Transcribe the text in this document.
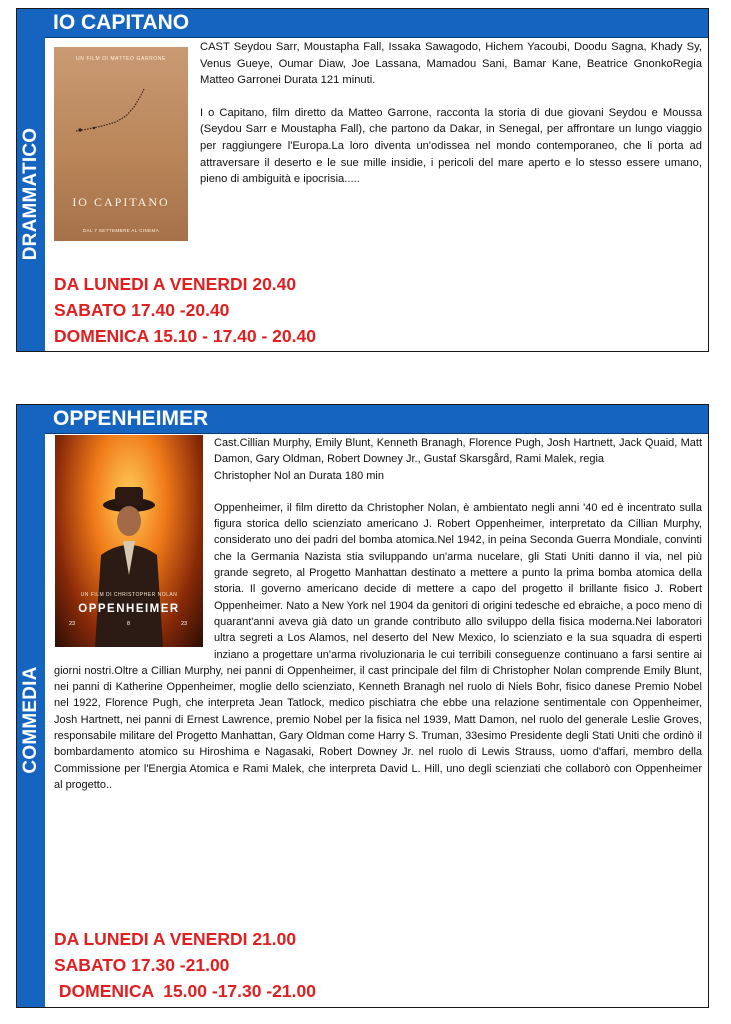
IO CAPITANO
DRAMMATICO
UN FILM DI MATTEO GARRONE
IO CAPITANO
DAL 7 SETTEMBRE AL CINEMA

CAST Seydou Sarr, Moustapha Fall, Issaka Sawagodo, Hichem Yacoubi, Doodu Sagna, Khady Sy, Venus Gueye, Oumar Diaw, Joe Lassana, Mamadou Sani, Bamar Kane, Beatrice GnonkoRegia Matteo Garronei Durata 121 minuti.

I o Capitano, film diretto da Matteo Garrone, racconta la storia di due giovani Seydou e Moussa (Seydou Sarr e Moustapha Fall), che partono da Dakar, in Senegal, per affrontare un lungo viaggio per raggiungere l'Europa.La loro diventa un'odissea nel mondo contemporaneo, che li porta ad attraversare il deserto e le sue mille insidie, i pericoli del mare aperto e lo stesso essere umano, pieno di ambiguità e ipocrisia.....

DA LUNEDI A VENERDI 20.40
SABATO 17.40 -20.40
DOMENICA 15.10 - 17.40 - 20.40
OPPENHEIMER
COMMEDIA
UN FILM DI CHRISTOPHER NOLAN
OPPENHEIMER
23	8	23

Cast.Cillian Murphy, Emily Blunt, Kenneth Branagh, Florence Pugh, Josh Hartnett, Jack Quaid, Matt Damon, Gary Oldman, Robert Downey Jr., Gustaf Skarsgård, Rami Malek, regia

Christopher Nol an Durata 180 min

Oppenheimer, il film diretto da Christopher Nolan, è ambientato negli anni '40 ed è incentrato sulla figura storica dello scienziato americano J. Robert Oppenheimer, interpretato da Cillian Murphy, considerato uno dei padri del bomba atomica.Nel 1942, in peina Seconda Guerra Mondiale, convinti che la Germania Nazista stia sviluppando un'arma nucelare, gli Stati Uniti danno il via, nel più grande segreto, al Progetto Manhattan destinato a mettere a punto la prima bomba atomica della storia. Il governo americano decide di mettere a capo del progetto il brillante fisico J. Robert Oppenheimer. Nato a New York nel 1904 da genitori di origini tedesche ed ebraiche, a poco meno di quarant'anni aveva già dato un grande contributo allo sviluppo della fisica moderna.Nei laboratori ultra segreti a Los Alamos, nel deserto del New Mexico, lo scienziato e la sua squadra di esperti inziano a progettare un'arma rivoluzionaria le cui terribili conseguenze continuano a farsi sentire ai giorni nostri.Oltre a Cillian Murphy, nei panni di Oppenheimer, il cast principale del film di Christopher Nolan comprende Emily Blunt, nei panni di Katherine Oppenheimer, moglie dello scienziato, Kenneth Branagh nel ruolo di Niels Bohr, fisico danese Premio Nobel nel 1922, Florence Pugh, che interpreta Jean Tatlock, medico pischiatra che ebbe una relazione sentimentale con Oppenheimer, Josh Hartnett, nei panni di Ernest Lawrence, premio Nobel per la fisica nel 1939, Matt Damon, nel ruolo del generale Leslie Groves, responsabile militare del Progetto Manhattan, Gary Oldman come Harry S. Truman, 33esimo Presidente degli Stati Uniti che ordinò il bombardamento atomico su Hiroshima e Nagasaki, Robert Downey Jr. nel ruolo di Lewis Strauss, uomo d'affari, membro della Commissione per l'Energia Atomica e Rami Malek, che interpreta David L. Hill, uno degli scienziati che collaborò con Oppenheimer al progetto..

DA LUNEDI A VENERDI 21.00
SABATO 17.30 -21.00
DOMENICA  15.00 -17.30 -21.00
